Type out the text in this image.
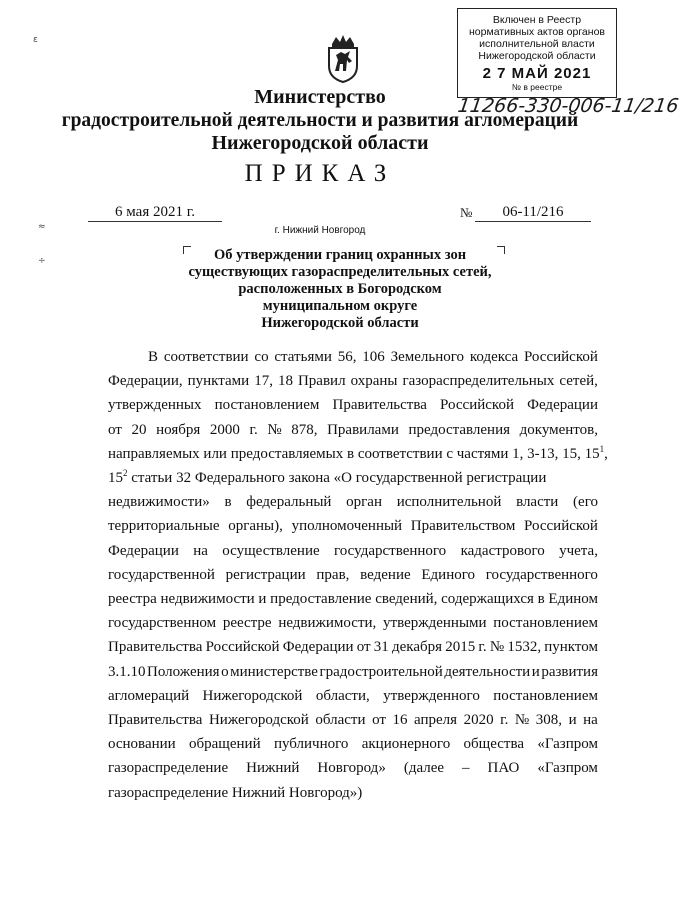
Включен в Реестр
нормативных актов органов
исполнительной власти
Нижегородской области
2 7 МАЙ 2021
№ в реестре
11266-330-006-11/216
Министерство
градостроительной деятельности и развития агломераций
Нижегородской области
ПРИКАЗ
6 мая 2021 г.	№	06-11/216
г. Нижний Новгород
Об утверждении границ охранных зон
существующих газораспределительных сетей,
расположенных в Богородском
муниципальном округе
Нижегородской области
В соответствии со статьями 56, 106 Земельного кодекса Российской
Федерации, пунктами 17, 18 Правил охраны газораспределительных сетей,
утвержденных постановлением Правительства Российской Федерации
от 20 ноября 2000 г. № 878, Правилами предоставления документов,
направляемых или предоставляемых в соответствии с частями 1, 3-13, 15, $15^1$,
$15^2$ статьи 32 Федерального закона «О государственной регистрации
недвижимости» в федеральный орган исполнительной власти (его
территориальные органы), уполномоченный Правительством Российской
Федерации на осуществление государственного кадастрового учета,
государственной регистрации прав, ведение Единого государственного
реестра недвижимости и предоставление сведений, содержащихся в Едином
государственном реестре недвижимости, утвержденными постановлением
Правительства Российской Федерации от 31 декабря 2015 г. № 1532, пунктом
3.1.10 Положения о министерстве градостроительной деятельности и развития
агломераций Нижегородской области, утвержденного постановлением
Правительства Нижегородской области от 16 апреля 2020 г. № 308, и на
основании обращений публичного акционерного общества «Газпром
газораспределение Нижний Новгород» (далее – ПАО «Газпром
газораспределение Нижний Новгород»)
ε
≈
÷
